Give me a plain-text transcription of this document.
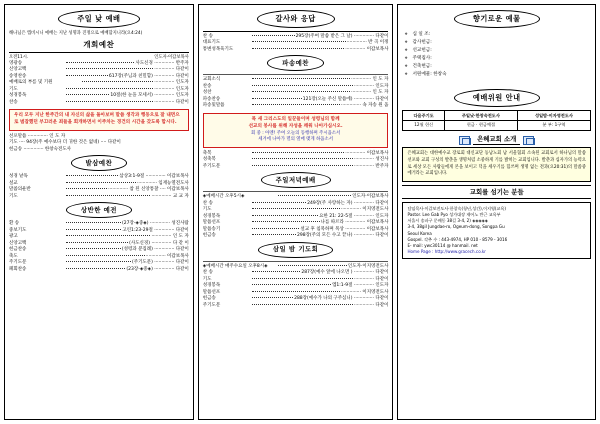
주일 낮 예배
해나님은 엡비시니 예배는 지난 성명과 진정으로 예배함지니라(요4:24)
개회예찬
오전11시.	인도자·이갑보목사
영광송	사도신경 ·············· 반주자
신앙고백	·············· 다같이
송영찬송	617장(주님과 친밀함) ·············· 다같이
예배로의 부름 및 기원	·············· 인도자
기도	·············· 인도자
성경봉독	10절(한 눈을 모세서) ·············· 인도자
찬송	·············· 다같이
우리 모두 지난 한주간의 내 자신의 삶을 돌아보며 말씀 생각과 행동으로 잘 내면으로 범잡했던 부끄러운 죄들을 회개하면서 이주차는 경건의 시간을 갖도록 합시다.
선포말씀 ·············· 인 도 자
기도 ···· 94장(주 예수보다 더 귀한 것은 없네) ···· 다같이
헌금송 ·············· 한창숙전도사
발삼예찬
성경 낱독	삼상3:1-9절 ·············· 이갑보목사
설교	·············· 임재능열전도사
말씀의운반	·············· 참 된 신앙통찰 ···· 이갑보목사
기도	·············· 교 교 자
상반한 예전
환 송	(27장-◈중◈) ·············· 성진사람
중보기도	고린1:23-29절 ·············· 다같이
광고	·············· 인 도 자
신앙고백	(사도신경) ·············· 다 같 이
헌금찬송	(성령과 분집례) ·············· 다같이
축도	·············· 이갑보목사
주기도문	(주기도문) ·············· 다같이
폐회찬송	(23장-◈중◈) ·············· 다같이
갈사와 응답
찬 송	295장(주여 말씀 받은 그 날) ·············· 다같이
대표기도	·············· 반 곡 이정
통변성목육기도	·············· 이갑보목사
파송예찬
교회소식	·············· 인 도 자
찬송	·············· 인도자
성찬	·············· 인 도 자
파송찬송	121장(오늘 주신 말씀에) ·············· 다같이
파송및말씀	·············· 속 자송 원 옵
목 새 그리스도의 일꾼들이며 성령님의 함께
선교의 봉사를 위해 자성을 깨워 나아가십시오.
회 중 : 아멘! 주여 오늘의 동행하며 주시옵소서
세겨에 나아가 멸의 열매 맺게 하옵소서
축복	·············· 이갑보목사
성축복	·············· 성진사
주기도문	·············· 반주자
주일저녁예배
◈예배시간 오후5시◈	인도자·이갑보목사
찬 송	249장(주 사랑하는 자) ·············· 다같이
기도	·············· 이지영전도사
성경봉독	요한 21: 22-5절 ·············· 인도자
말씀선포	나를 따르라 ·············· 이갑보목사
말씀송기	설교 후 침묵하며 묵상 ·············· 이갑보목사
헌금송	298장(주의 모든 수고 끝나) ·············· 다같이
삼일 밤 기도회
◈예배시간 매주수요일 오후8시◈	인도자·이지영전도사
찬 송	287장(예수 앞에 나오면 ) ·············· 다같이
기도	·············· 다같이
성경봉독	엡1:1-9절 ·············· 인도자
말씀선포	·············· 이지영전도사
헌금송	288장(예수가 나의 구주심니) ·············· 다같이
주기도문	·············· 다같이
향기로운 예물
❖ 십 일 조:
❖ 감사헌금:
❖ 선교헌금:
❖ 주택집사:
❖ 건축현금:
❖ 서원예물: 한창숙
예배위원 안내
다음주기도	주일낮·한창숙전도사	성일밤·이자영전도사
12월 헌신	헌금 · 현금예절	분 부: 1구역
은혜교회 소개
은혜교회는 대한예수교 장로회 대신교단 동남노회 남 서울협회 소속된 교회로서 하나님의 말씀 선포와 교회 구성의 발춘을 생명처럼 소중하게 기를 밝히는 교회입니다. 발춘과 십자가의 능력으로 세상 모든 사람들에게 본을 보이고 덕을 세우기를 힘쓰며 생명 없는 전과(요20:31)의 말씀중에거라는 교회입니다.
교회를 섬기는 분들
담임목사·이갑보전도사·한창숙(청년,성간),이지영(교육)
Pastor. Lee Gab Pyo 성가대장 제어노 반근 교육부
서울시 송파구 문배동 38길 3-4, 2) ◈◈◈◈◈
3-4, 38gil Jungdae-ro, Ogeum-dong, Songpa Gu
Seoul Korea
Gospel. 각추 수 : 443-4974, HP 010 - 8579 - 3016
E- mail: ywc30114 @ hanmail. net
Home Page : http://www.gracech.co.kr
